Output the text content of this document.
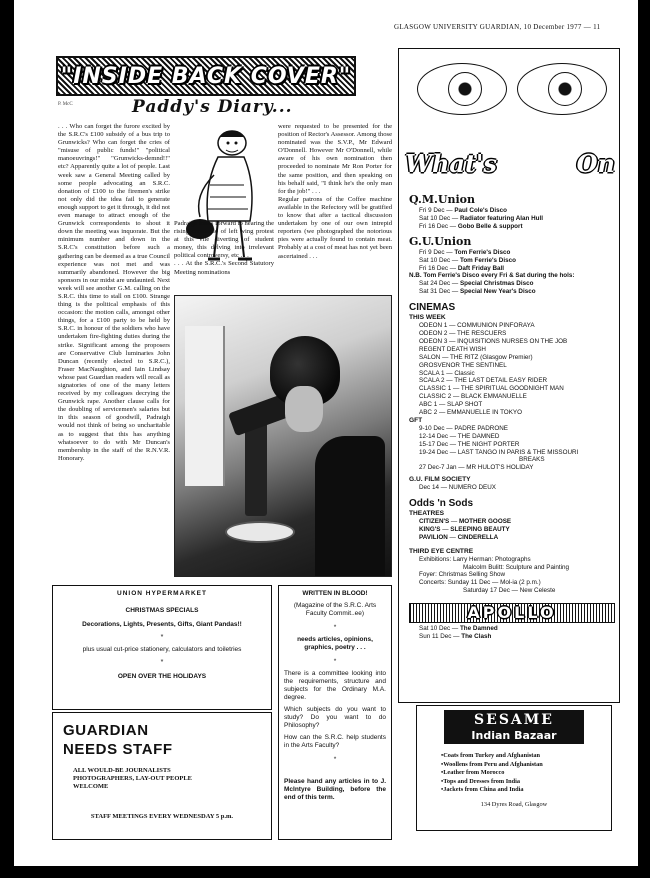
GLASGOW UNIVERSITY GUARDIAN, 10 December 1977 — 11
"INSIDE BACK COVER"
P. McC	Paddy's Diary...

. . . Who can forget the furore excited by the S.R.C's £100 subsidy of a bus trip to Grunwicks? Who can forget the cries of "misuse of public funds!" "political manoeuvrings!" "Grunwicks-demnd!!" etc? Apparently quite a lot of people. Last week saw a General Meeting called by some people advocating an S.R.C. donation of £100 to the firemen's strike not only did the idea fail to generate enough support to get it through, it did not even manage to attract enough of the Grunwick correspondents to shout it down the meeting was inquorate. But the minimum number and down in the S.R.C's constitution before such a gathering can be deemed as a true Council experience was not met and was summarily abandoned. However the big sponsors in our midst are undaunted. Next week will see another G.M. calling on the S.R.C. this time to stall on £100. Strange thing is the political emphasis of this occasion: the motion calls, amongst other things, for a £100 party to be held by S.R.C. in honour of the soldiers who have undertaken fire-fighting duties during the strike. Significant among the proposers are Conservative Club luminaries John Duncan (recently elected to S.R.C.), Fraser MacNaughton, and Iain Lindsay whose past Guardian readers will recall as signatories of one of the many letters received by my colleagues decrying the Grunwick rape. Another clause calls for the doubling of servicemen's salaries but in this season of goodwill, Padraigh would not think of being so uncharitable as to suggest that this has anything whatsoever to do with Mr Duncan's membership in the staff of the R.N.V.R. Honorary.

Padraigh looks forward to hearing the rising crescendo of left wing protest at this vile diverting of student money, this delving into irrelevant political controversy, etc . . .

. . . At the S.R.C.'s Second Statutory Meeting nominations

were requested to be presented for the position of Rector's Assessor. Among those nominated was the S.V.P., Mr Edward O'Donnell. However Mr O'Donnell, while aware of his own nomination then proceeded to nominate Mr Ron Porter for the same position, and then speaking on his behalf said, "I think he's the only man for the job!" . . .

Regular patrons of the Coffee machine available in the Refectory will be gratified to know that after a tactical discussion undertaken by one of our own intrepid reporters (we photographed the notorious pies were actually found to contain meat. Probably at a cost of meat has not yet been ascertained . . .

UNION HYPERMARKET
CHRISTMAS SPECIALS
Decorations, Lights, Presents, Gifts, Giant Pandas!!
*
plus usual cut-price stationery, calculators and toiletries
*
OPEN OVER THE HOLIDAYS
GUARDIAN
NEEDS STAFF
ALL WOULD-BE JOURNALISTS
PHOTOGRAPHERS, LAY-OUT PEOPLE
WELCOME
STAFF MEETINGS EVERY WEDNESDAY 5 p.m.
WRITTEN IN BLOOD!
(Magazine of the S.R.C. Arts Faculty Commit..ee)
*
needs articles, opinions, graphics, poetry . . .
*
There is a committee looking into the requirements, structure and subjects for the Ordinary M.A. degree.
Which subjects do you want to study? Do you want to do Philosophy?
How can the S.R.C. help students in the Arts Faculty?
*
Please hand any articles in to J. McIntyre Building, before the end of this term.
What's	On
Q.M.Union
Fri 9 Dec — Paul Cole's Disco
Sat 10 Dec — Radiator featuring Alan Hull
Fri 16 Dec — Gobo Belle & support
G.U.Union
Fri 9 Dec — Tom Ferrie's Disco
Sat 10 Dec — Tom Ferrie's Disco
Fri 16 Dec — Daft Friday Ball
N.B. Tom Ferrie's Disco every Fri & Sat during the hols:
Sat 24 Dec — Special Christmas Disco
Sat 31 Dec — Special New Year's Disco
CINEMAS
THIS WEEK
ODEON 1 — COMMUNION PINFORAYA
ODEON 2 — THE RESCUERS
ODEON 3 — INQUISITIONS NURSES ON THE JOB
REGENT DEATH WISH
SALON — THE RITZ (Glasgow Premier)
GROSVENOR THE SENTINEL
SCALA 1 — Classic
SCALA 2 — THE LAST DETAIL EASY RIDER
CLASSIC 1 — THE SPIRITUAL GOODNIGHT MAN
CLASSIC 2 — BLACK EMMANUELLE
ABC 1 — SLAP SHOT
ABC 2 — EMMANUELLE IN TOKYO
GFT
9-10 Dec — PADRE PADRONE
12-14 Dec — THE DAMNED
15-17 Dec — THE NIGHT PORTER
19-24 Dec — LAST TANGO IN PARIS & THE MISSOURI
BREAKS
27 Dec-7 Jan — MR HULOT'S HOLIDAY
G.U. FILM SOCIETY
Dec 14 — NUMERO DEUX
Odds 'n Sods
THEATRES
CITIZEN'S — MOTHER GOOSE
KING'S — SLEEPING BEAUTY
PAVILION — CINDERELLA
THIRD EYE CENTRE
Exhibitions: Larry Herman: Photographs
Malcolm Bulitt: Sculpture and Painting
Foyer: Christmas Selling Show
Concerts: Sunday 11 Dec — Mol-ia (2 p.m.)
Saturday 17 Dec — New Celeste
APOLLO
Sat 10 Dec — The Damned
Sun 11 Dec — The Clash
SESAME
Indian Bazaar
•Coats from Turkey and Afghanistan
•Woollens from Peru and Afghanistan
•Leather from Morocco
•Tops and Dresses from India
•Jackets from China and India
134 Dyres Road, Glasgow
